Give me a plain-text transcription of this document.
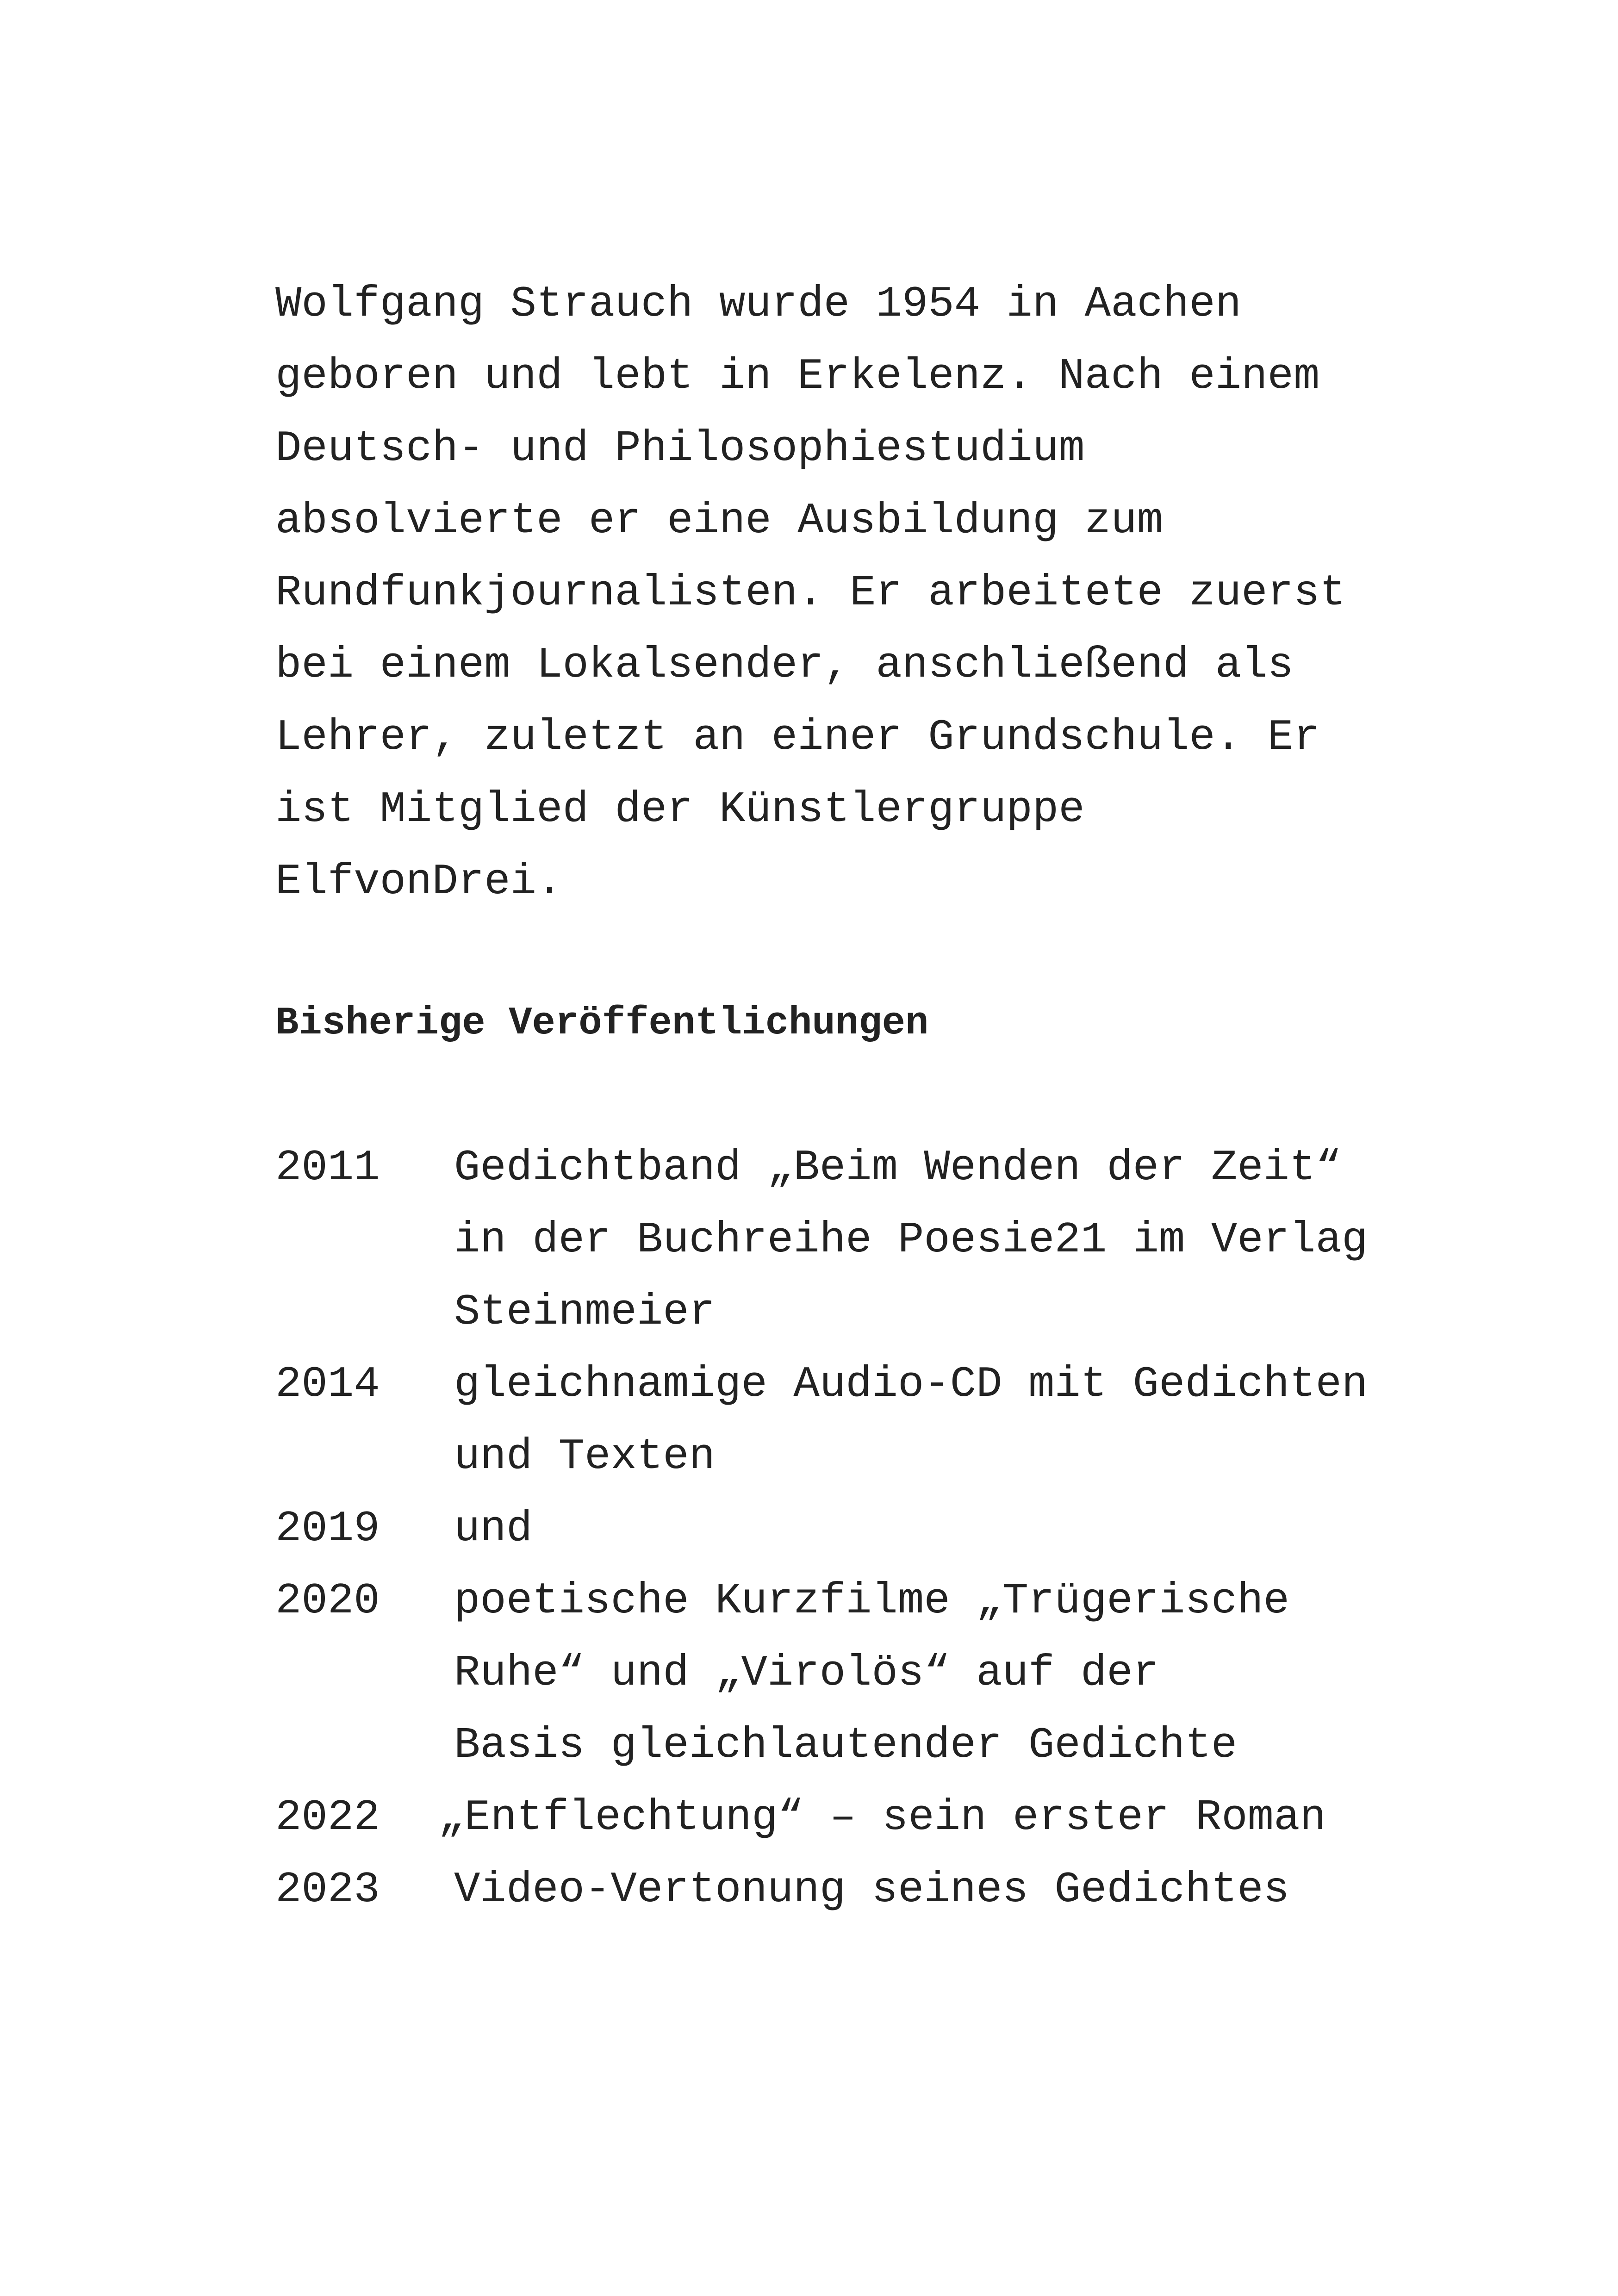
Wolfgang Strauch wurde 1954 in Aachen
geboren und lebt in Erkelenz. Nach einem
Deutsch- und Philosophiestudium
absolvierte er eine Ausbildung zum
Rundfunkjournalisten. Er arbeitete zuerst
bei einem Lokalsender, anschließend als
Lehrer, zuletzt an einer Grundschule. Er
ist Mitglied der Künstlergruppe
ElfvonDrei.
Bisherige Veröffentlichungen
2011 Gedichtband „Beim Wenden der Zeit“
in der Buchreihe Poesie21 im Verlag
Steinmeier
2014 gleichnamige Audio-CD mit Gedichten
und Texten
2019 und
2020 poetische Kurzfilme „Trügerische
Ruhe“ und „Virolös“ auf der
Basis gleichlautender Gedichte
2022 „Entflechtung“ – sein erster Roman
2023 Video-Vertonung seines Gedichtes
